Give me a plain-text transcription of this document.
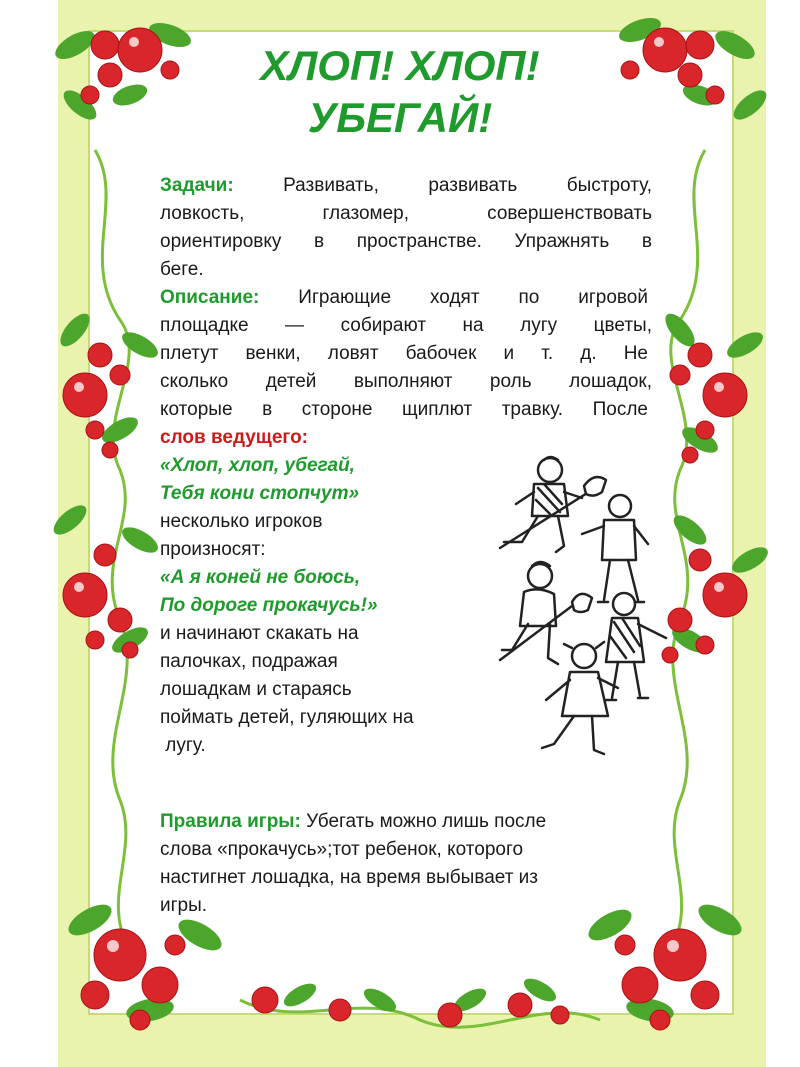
ХЛОП! ХЛОП!
УБЕГАЙ!
Задачи:	Развивать, развивать быстроту,
ловкость, глазомер, совершенствовать
ориентировку в пространстве. Упражнять в
беге.
Описание: Играющие ходят по игровой
площадке — собирают на лугу цветы,
плетут венки, ловят бабочек и т. д. Не
сколько детей выполняют роль лошадок,
которые в стороне щиплют травку. После
слов ведущего:
«Хлоп, хлоп, убегай,
Тебя кони стопчут»
несколько игроков
произносят:
«А я коней не боюсь,
По дороге прокачусь!»
и начинают скакать на
палочках, подражая
лошадкам и стараясь
поймать детей, гуляющих на
лугу.
Правила игры: Убегать можно лишь после
слова «прокачусь»;тот ребенок, которого
настигнет лошадка, на время выбывает из
игры.
